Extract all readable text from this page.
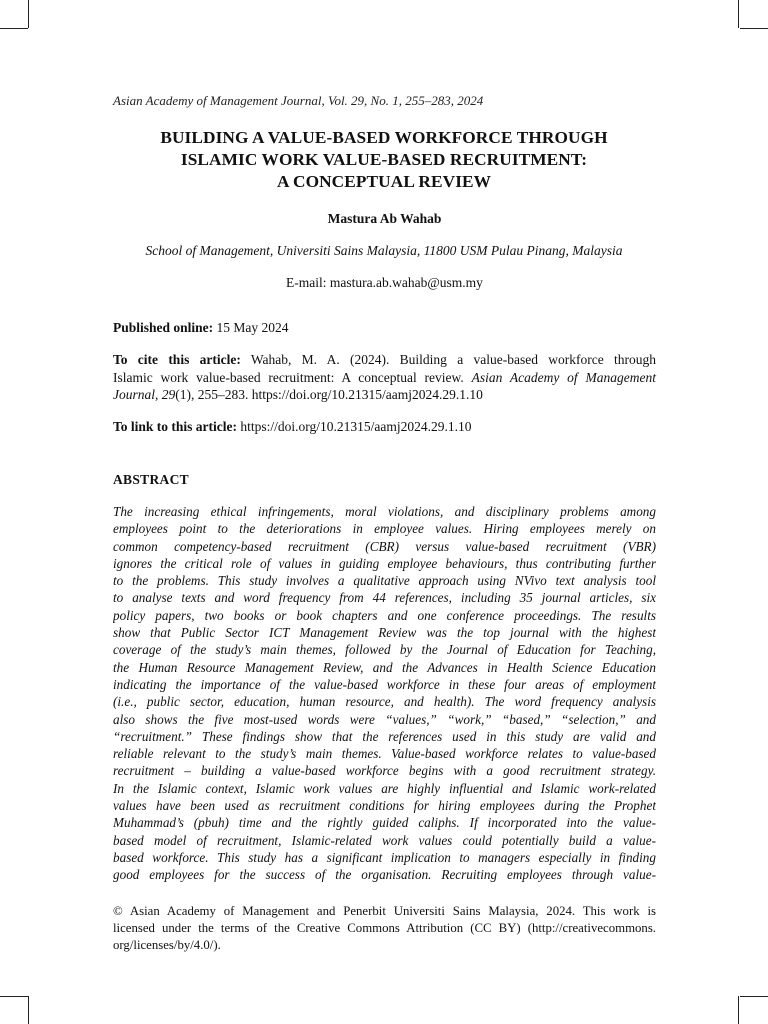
Asian Academy of Management Journal, Vol. 29, No. 1, 255–283, 2024
BUILDING A VALUE-BASED WORKFORCE THROUGH
ISLAMIC WORK VALUE-BASED RECRUITMENT:
A CONCEPTUAL REVIEW
Mastura Ab Wahab
School of Management, Universiti Sains Malaysia, 11800 USM Pulau Pinang, Malaysia
E-mail: mastura.ab.wahab@usm.my
Published online: 15 May 2024
To cite this article: Wahab, M. A. (2024). Building a value-based workforce through
Islamic work value-based recruitment: A conceptual review. Asian Academy of Management
Journal, 29(1), 255–283. https://doi.org/10.21315/aamj2024.29.1.10
To link to this article: https://doi.org/10.21315/aamj2024.29.1.10
ABSTRACT
The increasing ethical infringements, moral violations, and disciplinary problems among
employees point to the deteriorations in employee values. Hiring employees merely on
common competency-based recruitment (CBR) versus value-based recruitment (VBR)
ignores the critical role of values in guiding employee behaviours, thus contributing further
to the problems. This study involves a qualitative approach using NVivo text analysis tool
to analyse texts and word frequency from 44 references, including 35 journal articles, six
policy papers, two books or book chapters and one conference proceedings. The results
show that Public Sector ICT Management Review was the top journal with the highest
coverage of the study’s main themes, followed by the Journal of Education for Teaching,
the Human Resource Management Review, and the Advances in Health Science Education
indicating the importance of the value-based workforce in these four areas of employment
(i.e., public sector, education, human resource, and health). The word frequency analysis
also shows the five most-used words were “values,” “work,” “based,” “selection,” and
“recruitment.” These findings show that the references used in this study are valid and
reliable relevant to the study’s main themes. Value-based workforce relates to value-based
recruitment – building a value-based workforce begins with a good recruitment strategy.
In the Islamic context, Islamic work values are highly influential and Islamic work-related
values have been used as recruitment conditions for hiring employees during the Prophet
Muhammad’s (pbuh) time and the rightly guided caliphs. If incorporated into the value-
based model of recruitment, Islamic-related work values could potentially build a value-
based workforce. This study has a significant implication to managers especially in finding
good employees for the success of the organisation. Recruiting employees through value-
© Asian Academy of Management and Penerbit Universiti Sains Malaysia, 2024. This work is
licensed under the terms of the Creative Commons Attribution (CC BY) (http://creativecommons.
org/licenses/by/4.0/).
